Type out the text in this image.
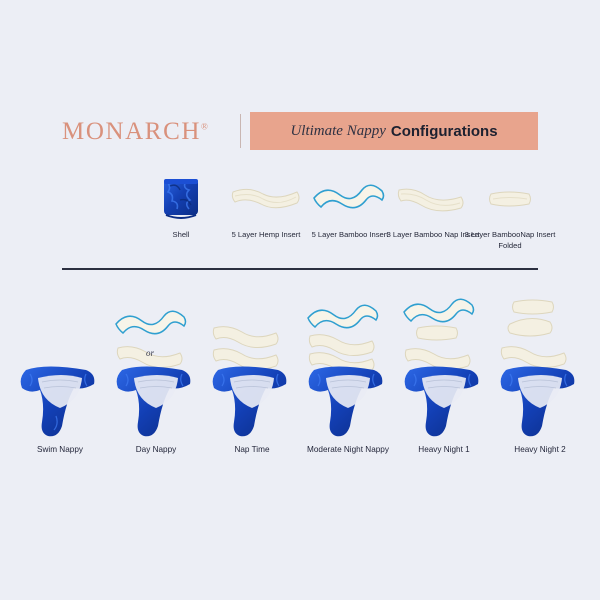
MONARCH®	Ultimate Nappy Configurations
Shell	5 Layer Hemp Insert	5 Layer Bamboo Insert
3 Layer Bamboo Nap Insert
3 Layer BambooNap Insert Folded
Swim Nappy
or
Day Nappy	Nap Time	Moderate Night Nappy	Heavy Night 1	Heavy Night 2
